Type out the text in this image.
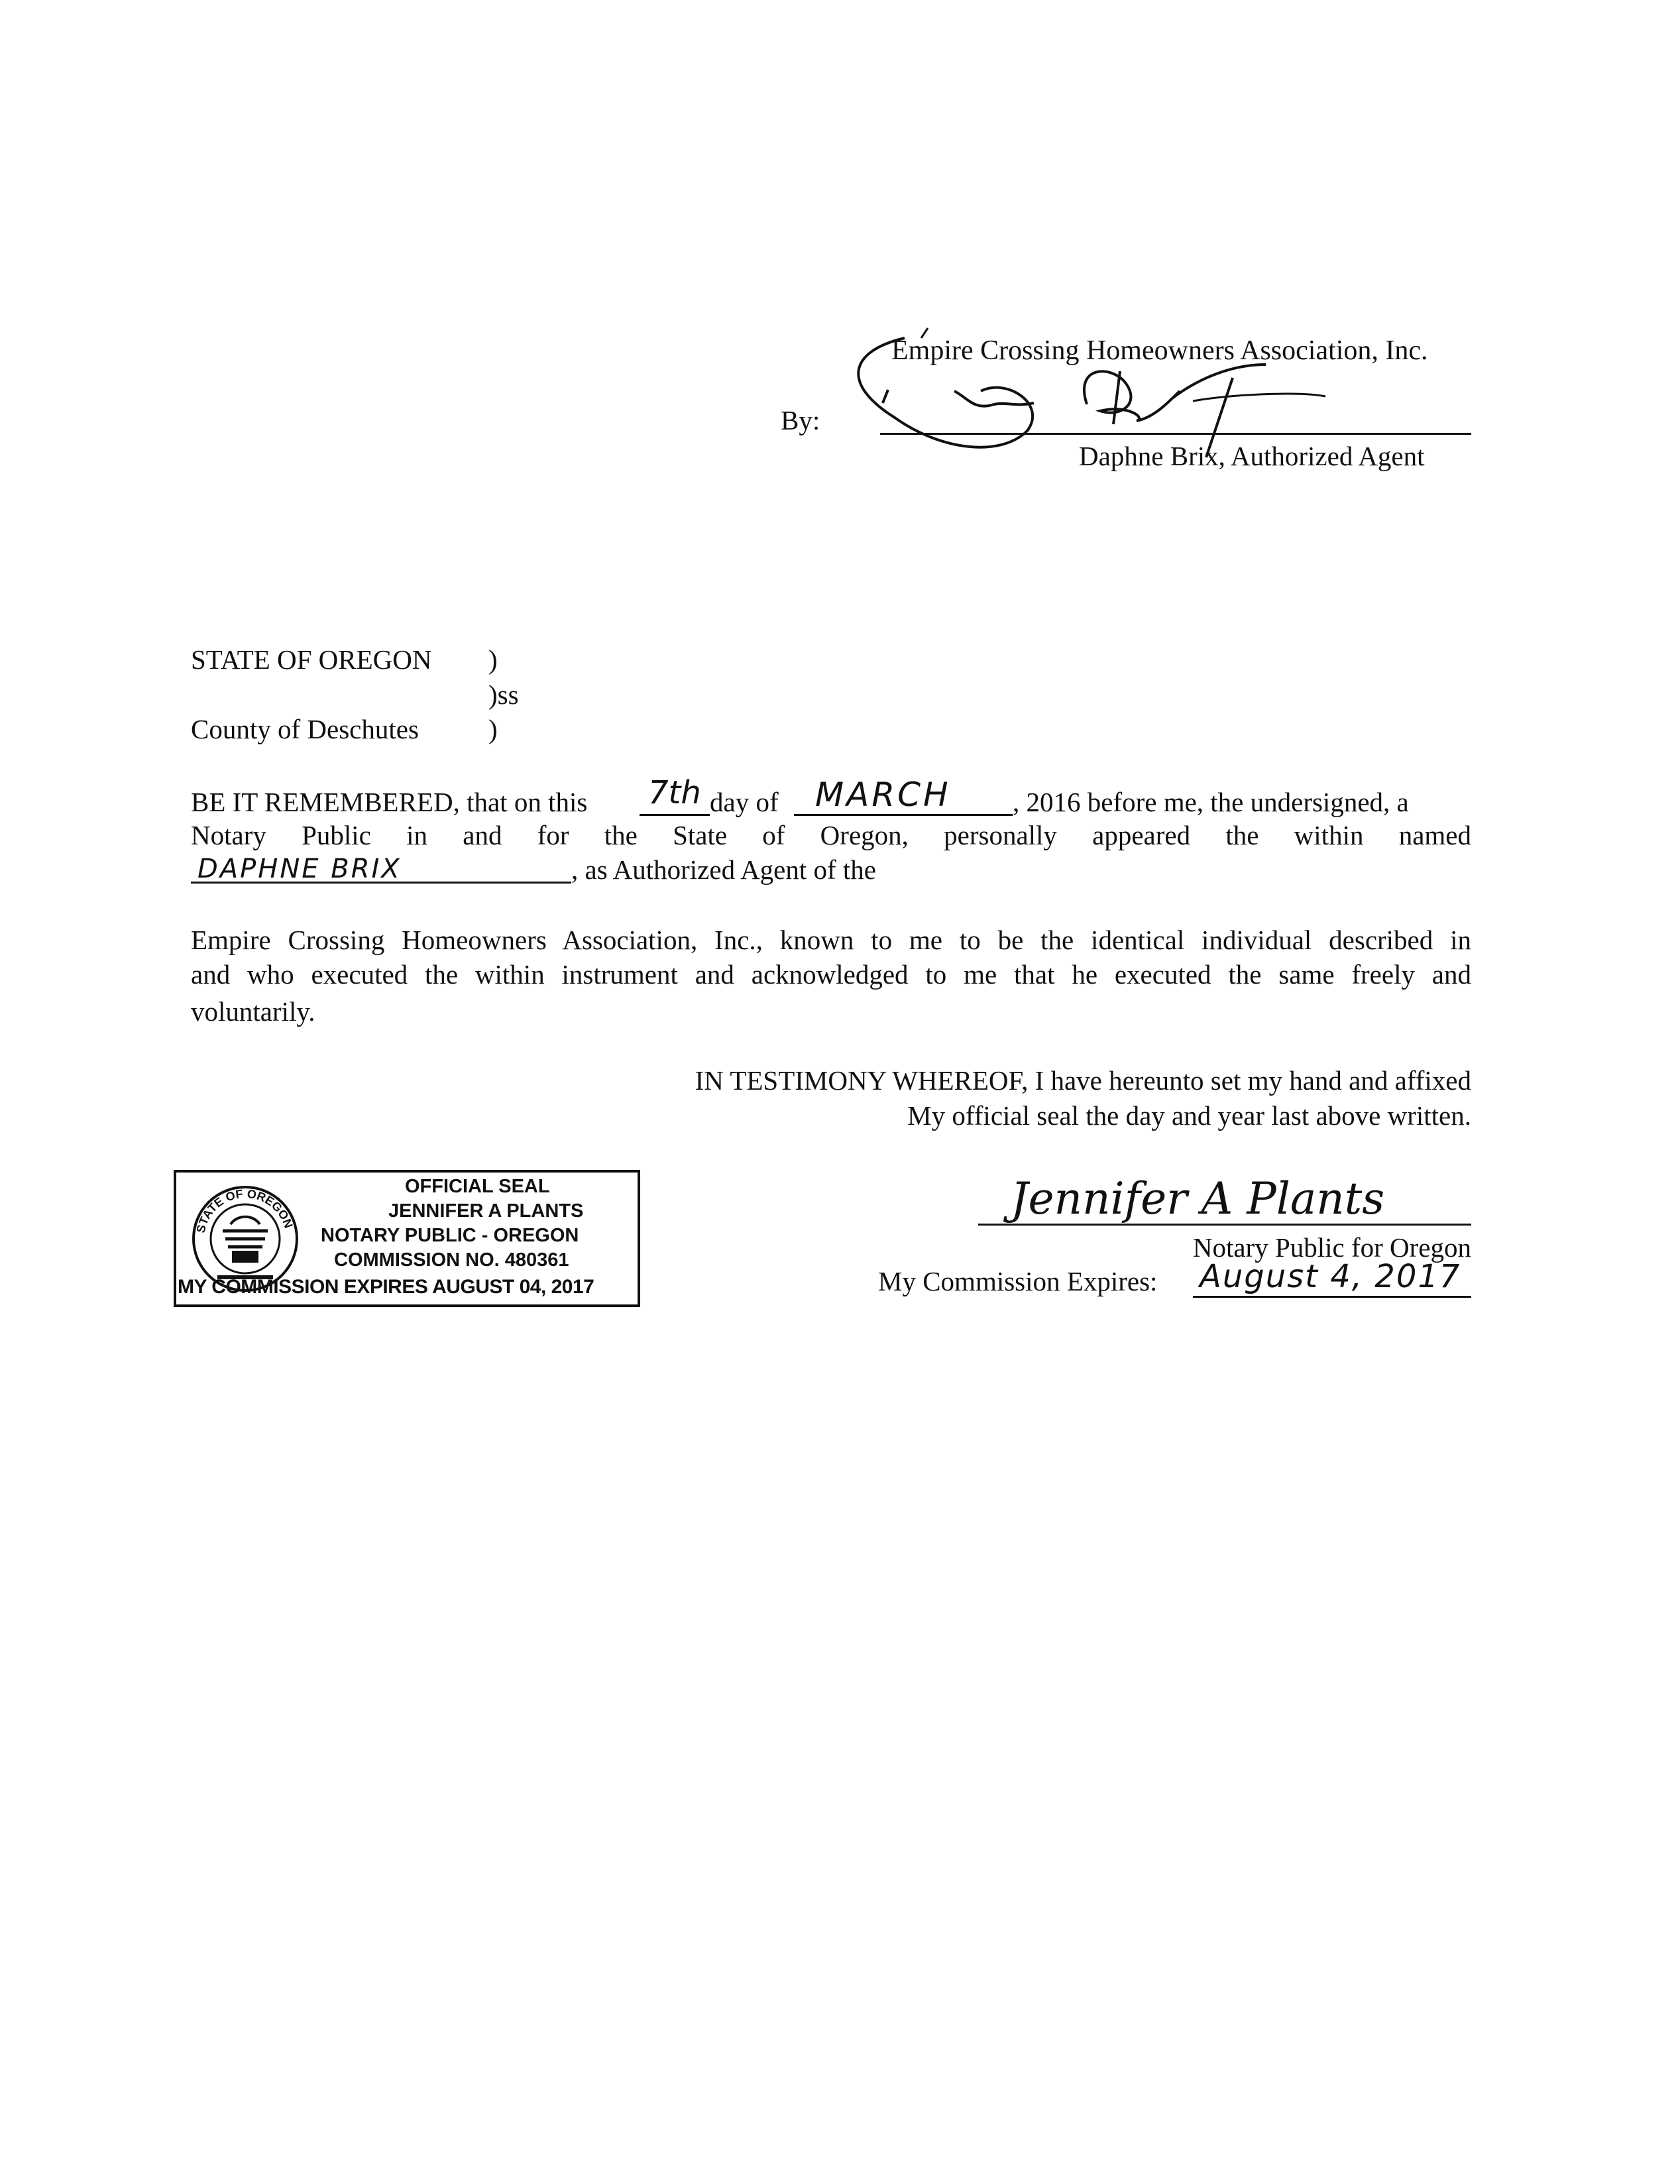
Empire Crossing Homeowners Association, Inc.
By:
Daphne Brix, Authorized Agent
STATE OF OREGON )
)ss
County of Deschutes	)
BE IT REMEMBERED, that on this 7th day of MARCH , 2016 before me, the undersigned, a
Notary Public in and for the State of Oregon, personally appeared the within named
DAPHNE BRIX	, as Authorized Agent of the
Empire Crossing Homeowners Association, Inc., known to me to be the identical individual described in
and who executed the within instrument and acknowledged to me that he executed the same freely and
voluntarily.
IN TESTIMONY WHEREOF, I have hereunto set my hand and affixed
My official seal the day and year last above written.
STATE OF OREGON
OFFICIAL SEAL
JENNIFER A PLANTS
NOTARY PUBLIC - OREGON
COMMISSION NO. 480361
MY COMMISSION EXPIRES AUGUST 04, 2017
Jennifer A Plants
Notary Public for Oregon
My Commission Expires: August 4, 2017
